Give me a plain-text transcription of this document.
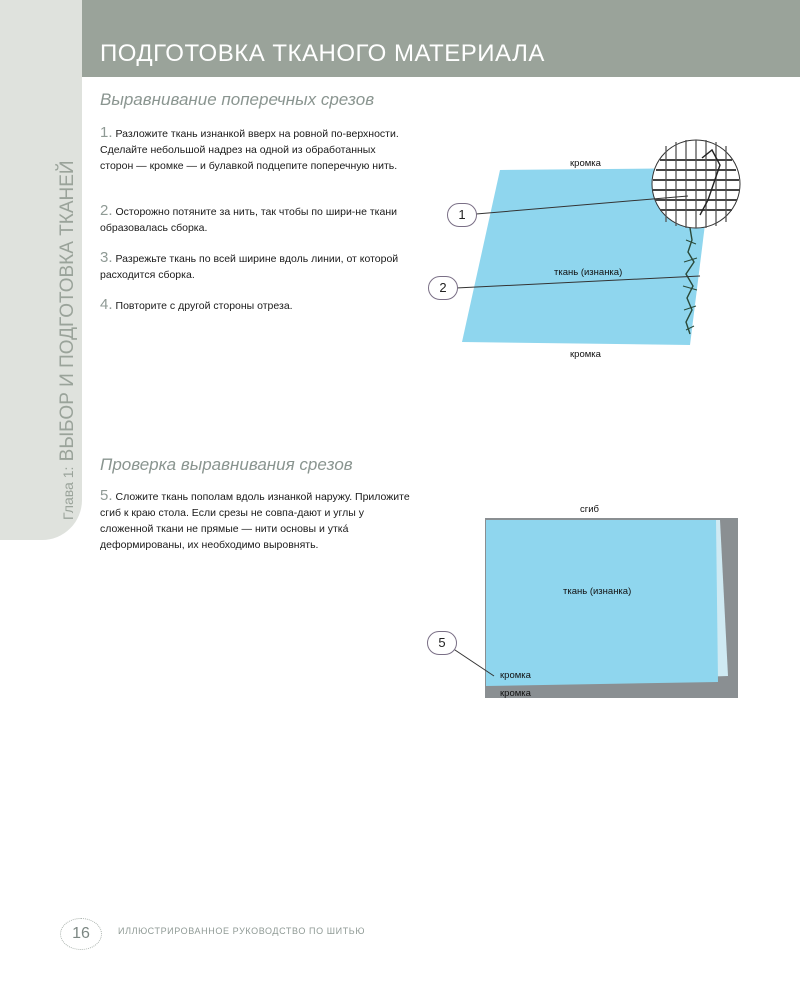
ПОДГОТОВКА ТКАНОГО МАТЕРИАЛА
Глава 1: ВЫБОР И ПОДГОТОВКА ТКАНЕЙ
Выравнивание поперечных срезов
1. Разложите ткань изнанкой вверх на ровной по-верхности. Сделайте небольшой надрез на одной из обработанных сторон — кромке — и булавкой подцепите поперечную нить.
2. Осторожно потяните за нить, так чтобы по шири-не ткани образовалась сборка.
3. Разрежьте ткань по всей ширине вдоль линии, от которой расходится сборка.
4. Повторите с другой стороны отреза.
кромка
ткань (изнанка)
кромка
1
2
Проверка выравнивания срезов
5. Сложите ткань пополам вдоль изнанкой наружу. Приложите сгиб к краю стола. Если срезы не совпа-дают и углы у сложенной ткани не прямые — нити основы и утка́ деформированы, их необходимо выровнять.
сгиб
ткань (изнанка)
кромка
кромка
5
16	ИЛЛЮСТРИРОВАННОЕ РУКОВОДСТВО ПО ШИТЬЮ
